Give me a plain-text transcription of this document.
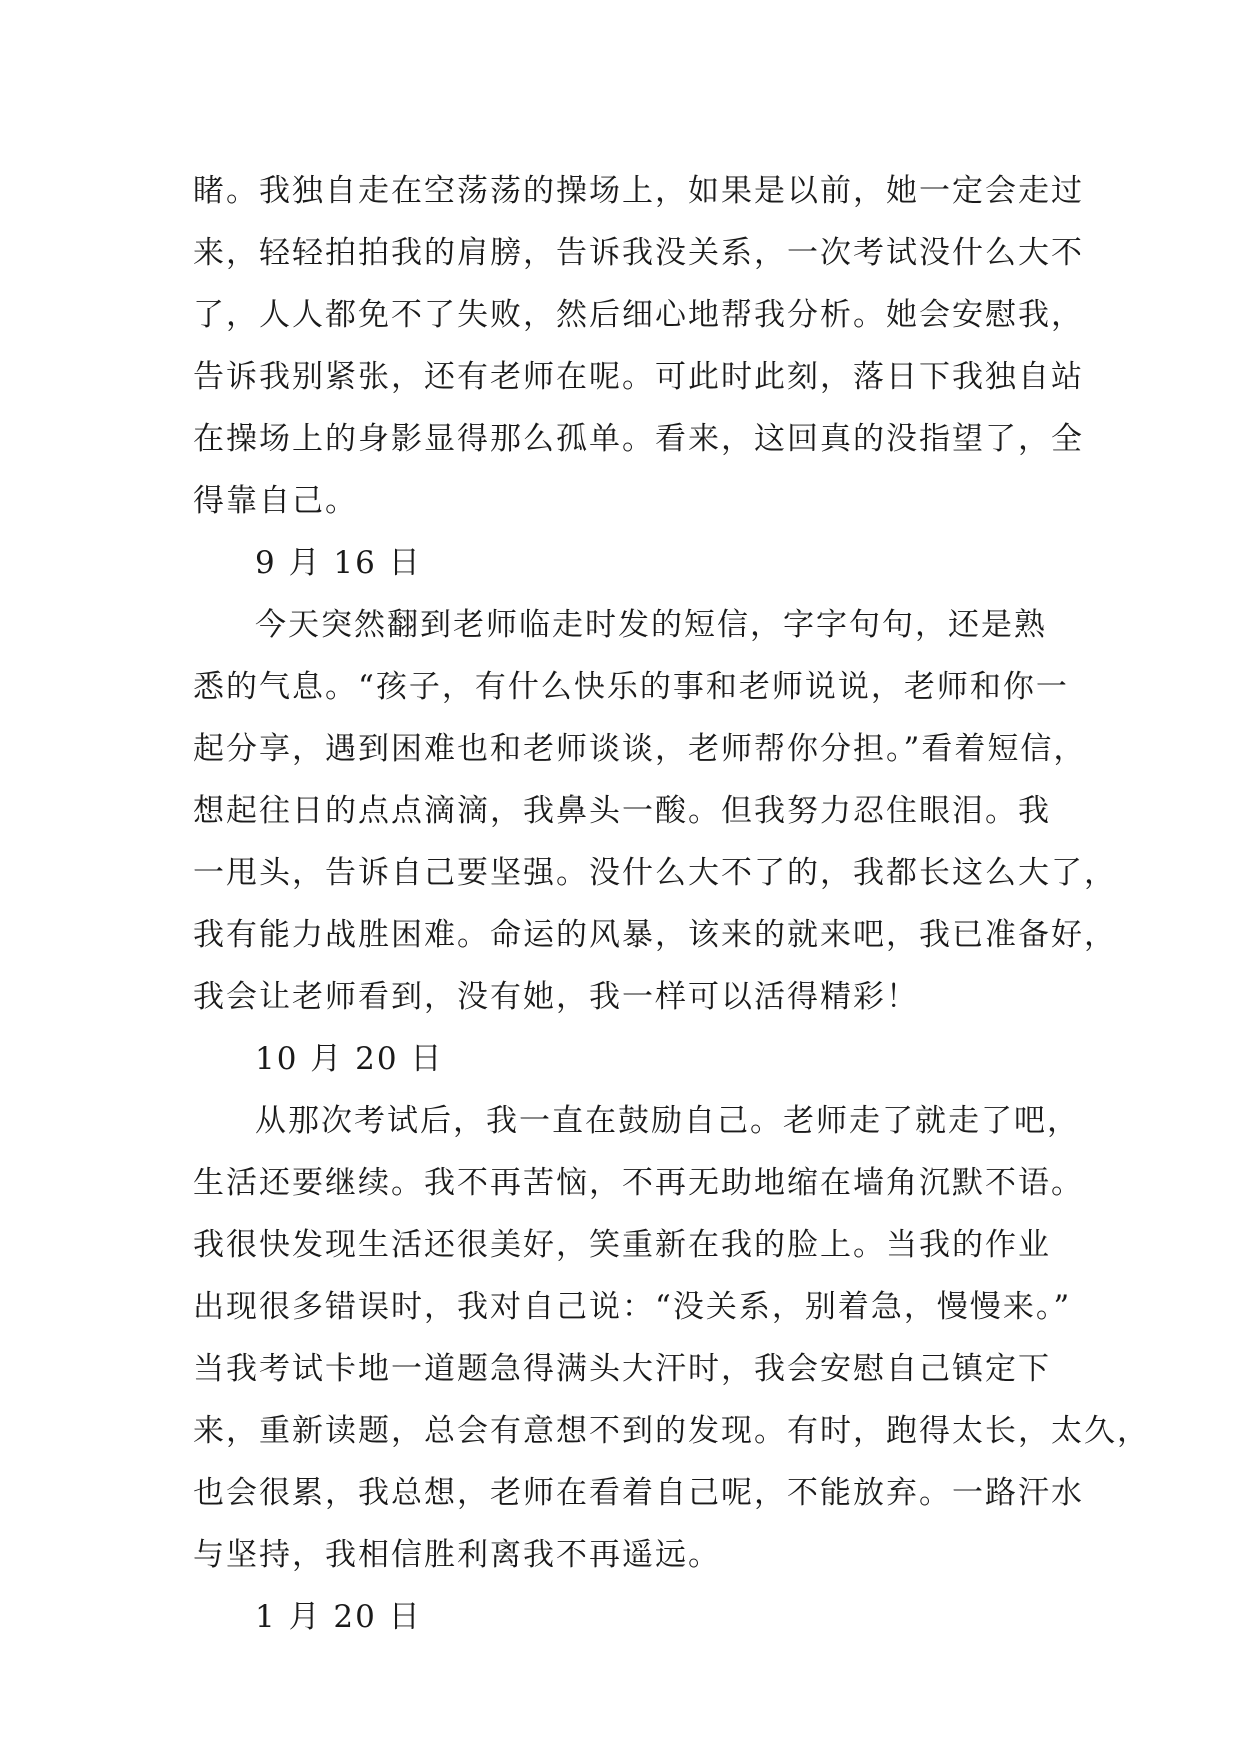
睹。我独自走在空荡荡的操场上，如果是以前，她一定会走过
来，轻轻拍拍我的肩膀，告诉我没关系，一次考试没什么大不
了，人人都免不了失败，然后细心地帮我分析。她会安慰我，
告诉我别紧张，还有老师在呢。可此时此刻，落日下我独自站
在操场上的身影显得那么孤单。看来，这回真的没指望了，全
得靠自己。
9 月 16 日
今天突然翻到老师临走时发的短信，字字句句，还是熟
悉的气息。“孩子，有什么快乐的事和老师说说，老师和你一
起分享，遇到困难也和老师谈谈，老师帮你分担。”看着短信，
想起往日的点点滴滴，我鼻头一酸。但我努力忍住眼泪。我
一甩头，告诉自己要坚强。没什么大不了的，我都长这么大了，
我有能力战胜困难。命运的风暴，该来的就来吧，我已准备好，
我会让老师看到，没有她，我一样可以活得精彩！
10 月 20 日
从那次考试后，我一直在鼓励自己。老师走了就走了吧，
生活还要继续。我不再苦恼，不再无助地缩在墙角沉默不语。
我很快发现生活还很美好，笑重新在我的脸上。当我的作业
出现很多错误时，我对自己说：“没关系，别着急，慢慢来。”
当我考试卡地一道题急得满头大汗时，我会安慰自己镇定下
来，重新读题，总会有意想不到的发现。有时，跑得太长，太久，
也会很累，我总想，老师在看着自己呢，不能放弃。一路汗水
与坚持，我相信胜利离我不再遥远。
1 月 20 日
